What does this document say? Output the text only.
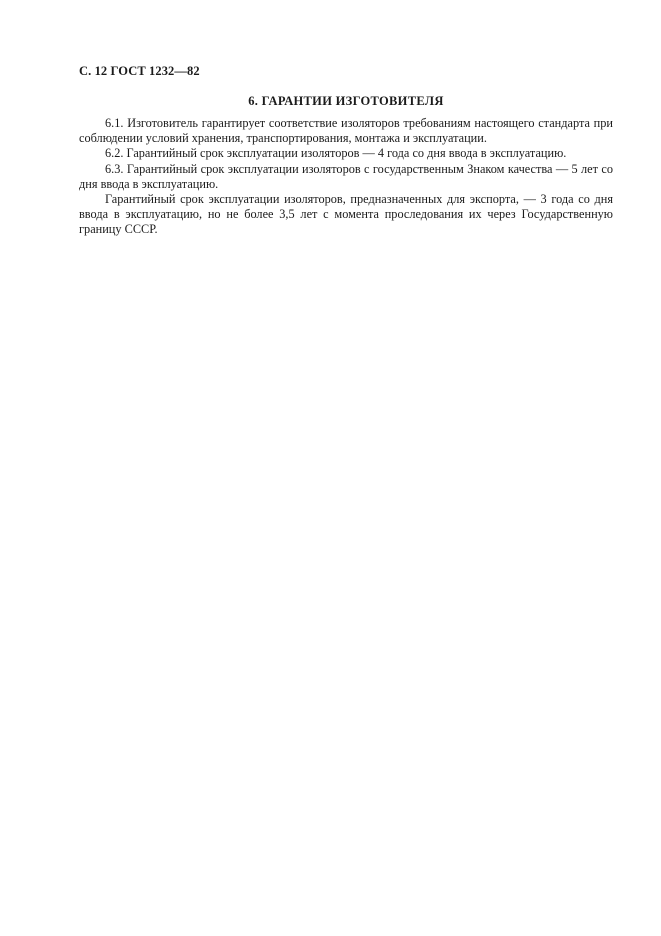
С. 12 ГОСТ 1232—82
6. ГАРАНТИИ ИЗГОТОВИТЕЛЯ

6.1. Изготовитель гарантирует соответствие изоляторов требованиям настоящего стандарта при соблюдении условий хранения, транспортирования, монтажа и эксплуатации.

6.2. Гарантийный срок эксплуатации изоляторов — 4 года со дня ввода в эксплуатацию.

6.3. Гарантийный срок эксплуатации изоляторов с государственным Знаком качества — 5 лет со дня ввода в эксплуатацию.

Гарантийный срок эксплуатации изоляторов, предназначенных для экспорта, — 3 года со дня ввода в эксплуатацию, но не более 3,5 лет с момента проследования их через Государственную границу СССР.
